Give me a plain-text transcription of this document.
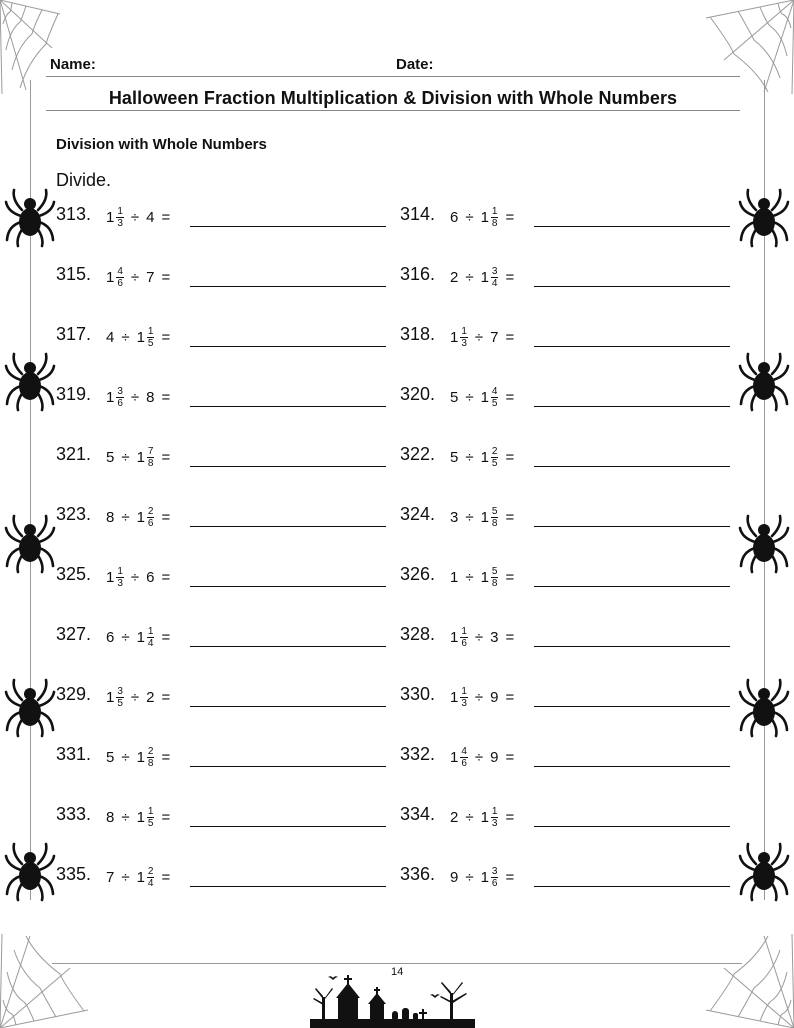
Name:	Date:
Halloween Fraction Multiplication & Division with Whole Numbers
Division with Whole Numbers
Divide.
313. $1 \frac{1}{3} \div 4$ =	314. $6 \div 1 \frac{1}{8}$ =
315. $1 \frac{4}{6} \div 7$ =	316. $2 \div 1 \frac{3}{4}$ =
317. $4 \div 1 \frac{1}{5}$ =	318. $1 \frac{1}{3} \div 7$ =
319. $1 \frac{3}{6} \div 8$ =	320. $5 \div 1 \frac{4}{5}$ =
321. $5 \div 1 \frac{7}{8}$ =	322. $5 \div 1 \frac{2}{5}$ =
323. $8 \div 1 \frac{2}{6}$ =	324. $3 \div 1 \frac{5}{8}$ =
325. $1 \frac{1}{3} \div 6$ =	326. $1 \div 1 \frac{5}{8}$ =
327. $6 \div 1 \frac{1}{4}$ =	328. $1 \frac{1}{6} \div 3$ =
329. $1 \frac{3}{5} \div 2$ =	330. $1 \frac{1}{3} \div 9$ =
331. $5 \div 1 \frac{2}{8}$ =	332. $1 \frac{4}{6} \div 9$ =
333. $8 \div 1 \frac{1}{5}$ =	334. $2 \div 1 \frac{1}{3}$ =
335. $7 \div 1 \frac{2}{4}$ =	336. $9 \div 1 \frac{3}{6}$ =
14
